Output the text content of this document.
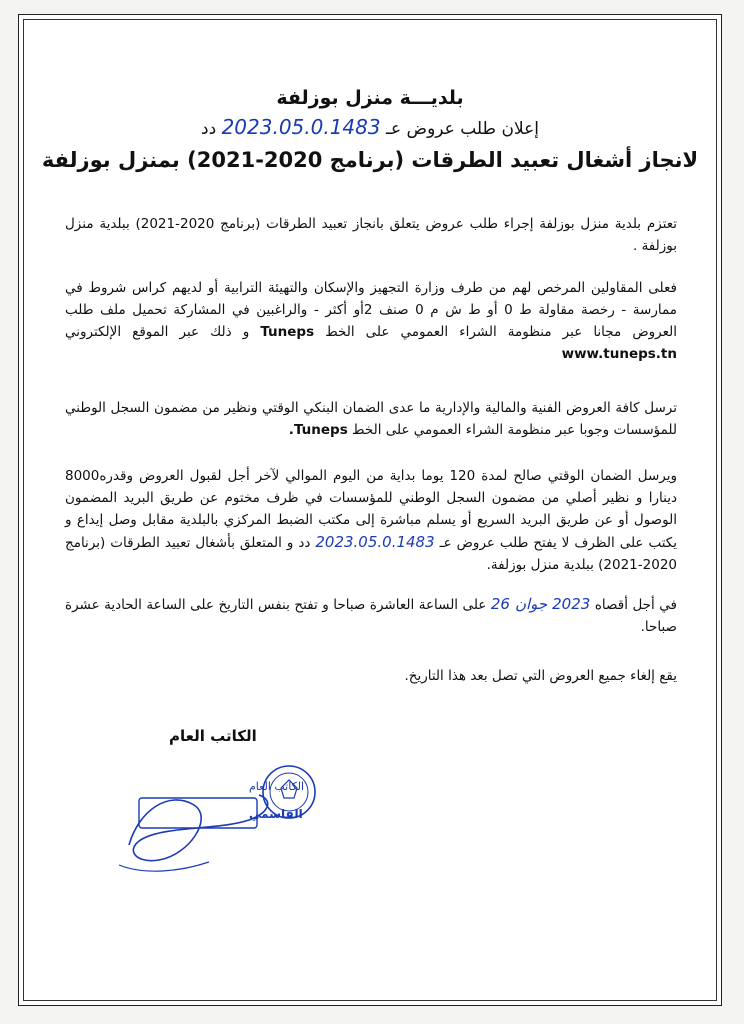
بلديـــة منزل بوزلفة
إعلان طلب عروض عـ 2023.05.0.1483 دد
لانجاز أشغال تعبيد الطرقات (برنامج 2020-2021) بمنزل بوزلفة
تعتزم بلدية منزل بوزلفة إجراء طلب عروض يتعلق بانجاز تعبيد الطرقات (برنامج 2020-2021) ببلدية منزل بوزلفة .
فعلى المقاولين المرخص لهم من طرف وزارة التجهيز والإسكان والتهيئة الترابية أو لديهم كراس شروط في ممارسة - رخصة مقاولة ط 0 أو ط ش م 0 صنف 2أو أكثر - والراغبين في المشاركة تحميل ملف طلب العروض مجانا عبر منظومة الشراء العمومي على الخط Tuneps و ذلك عبر الموقع الإلكتروني www.tuneps.tn
ترسل كافة العروض الفنية والمالية والإدارية ما عدى الضمان البنكي الوقتي ونظير من مضمون السجل الوطني للمؤسسات وجوبا عبر منظومة الشراء العمومي على الخط Tuneps.
ويرسل الضمان الوقتي صالح لمدة 120 يوما بداية من اليوم الموالي لآخر أجل لقبول العروض وقدره8000 دينارا و نظير أصلي من مضمون السجل الوطني للمؤسسات في ظرف مختوم عن طريق البريد المضمون الوصول أو عن طريق البريد السريع أو يسلم مباشرة إلى مكتب الضبط المركزي بالبلدية مقابل وصل إيداع و يكتب على الظرف لا يفتح طلب عروض عـ 2023.05.0.1483 دد و المتعلق بأشغال تعبيد الطرقات (برنامج 2020-2021) ببلدية منزل بوزلفة.
في أجل أقصاه 2023 جوان 26 على الساعة العاشرة صباحا و تفتح بنفس التاريخ على الساعة الحادية عشرة صباحا.
يقع إلغاء جميع العروض التي تصل بعد هذا التاريخ.
الكاتب العام
الكاتب العام
القاسمي
